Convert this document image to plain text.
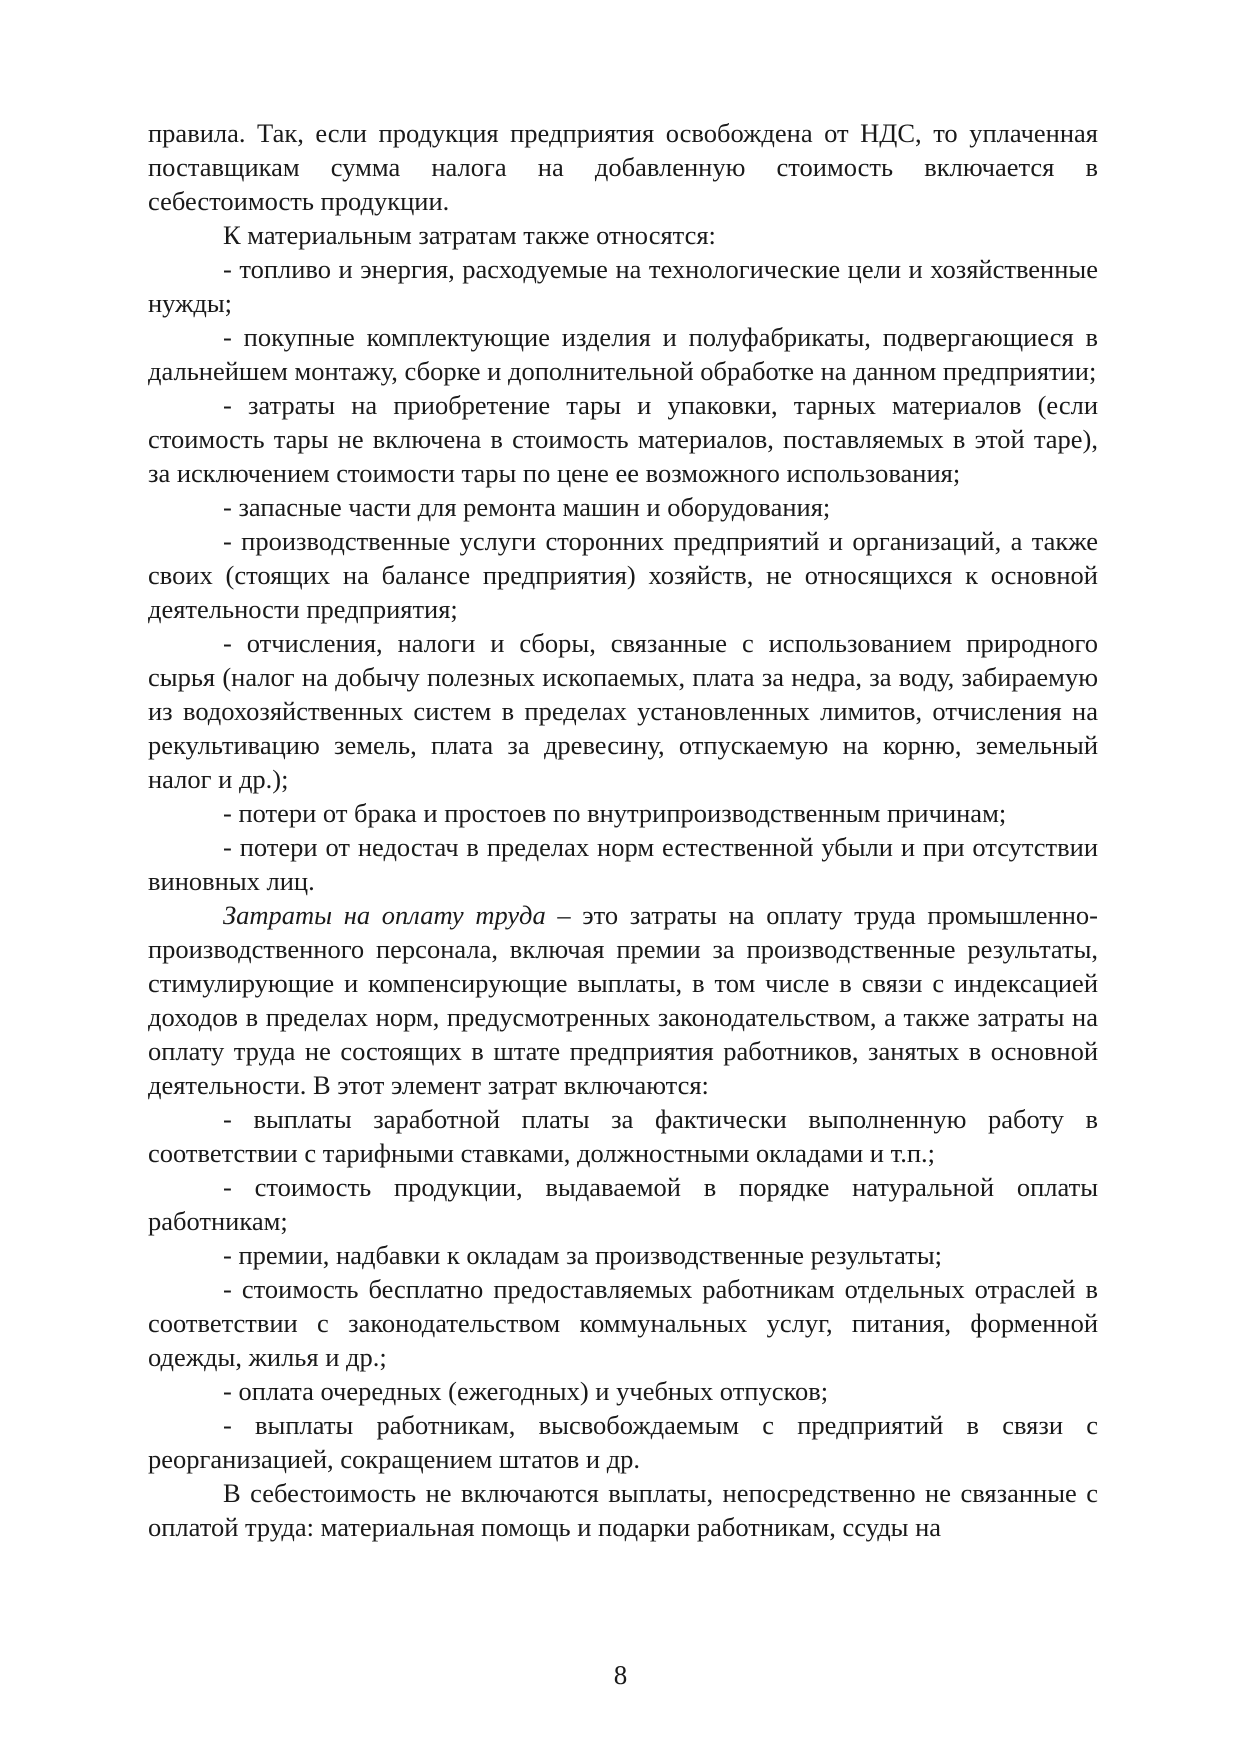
правила. Так, если продукция предприятия освобождена от НДС, то уплаченная поставщикам сумма налога на добавленную стоимость включается в себестоимость продукции.

К материальным затратам также относятся:

- топливо и энергия, расходуемые на технологические цели и хозяйственные нужды;

- покупные комплектующие изделия и полуфабрикаты, подвергающиеся в дальнейшем монтажу, сборке и дополнительной обработке на данном предприятии;

- затраты на приобретение тары и упаковки, тарных материалов (если стоимость тары не включена в стоимость материалов, поставляемых в этой таре), за исключением стоимости тары по цене ее возможного использования;

- запасные части для ремонта машин и оборудования;

- производственные услуги сторонних предприятий и организаций, а также своих (стоящих на балансе предприятия) хозяйств, не относящихся к основной деятельности предприятия;

- отчисления, налоги и сборы, связанные с использованием природного сырья (налог на добычу полезных ископаемых, плата за недра, за воду, забираемую из водохозяйственных систем в пределах установленных лимитов, отчисления на рекультивацию земель, плата за древесину, отпускаемую на корню, земельный налог и др.);

- потери от брака и простоев по внутрипроизводственным причинам;

- потери от недостач в пределах норм естественной убыли и при отсутствии виновных лиц.

Затраты на оплату труда – это затраты на оплату труда промышленно-производственного персонала, включая премии за производственные результаты, стимулирующие и компенсирующие выплаты, в том числе в связи с индексацией доходов в пределах норм, предусмотренных законодательством, а также затраты на оплату труда не состоящих в штате предприятия работников, занятых в основной деятельности. В этот элемент затрат включаются:

- выплаты заработной платы за фактически выполненную работу в соответствии с тарифными ставками, должностными окладами и т.п.;

- стоимость продукции, выдаваемой в порядке натуральной оплаты работникам;

- премии, надбавки к окладам за производственные результаты;

- стоимость бесплатно предоставляемых работникам отдельных отраслей в соответствии с законодательством коммунальных услуг, питания, форменной одежды, жилья и др.;

- оплата очередных (ежегодных) и учебных отпусков;

- выплаты работникам, высвобождаемым с предприятий в связи с реорганизацией, сокращением штатов и др.

В себестоимость не включаются выплаты, непосредственно не связанные с оплатой труда: материальная помощь и подарки работникам, ссуды на

8
